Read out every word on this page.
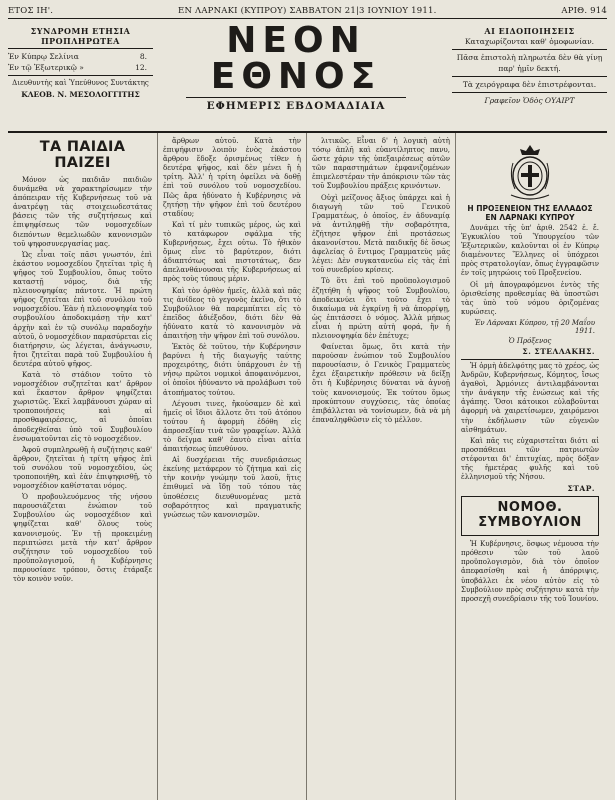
ΕΤΟΣ ΙΗ'.	ΕΝ ΛΑΡΝΑΚΙ (ΚΥΠΡΟΥ) ΣΑΒΒΑΤΟΝ 21|3 ΙΟΥΝΙΟΥ 1911.	ΑΡΙΘ. 914
ΣΥΝΔΡΟΜΗ ΕΤΗΣΙΑ ΠΡΟΠΛΗΡΩΤΕΑ
Ἐν Κύπρῳ Σελίνια	8.
Ἐν τῷ Ἐξωτερικῷ »	12.
Διευθυντὴς καὶ Ὑπεύθυνος Συντάκτης
ΚΛΕΟΒ. Ν. ΜΕΣΟΛΟΓΓΙΤΗΣ
ΝΕΟΝ ΕΘΝΟΣ
ΕΦΗΜΕΡΙΣ ΕΒΔΟΜΑΔΙΑΙΑ
ΑΙ ΕΙΔΟΠΟΙΗΣΕΙΣ
Καταχωρίζονται καθ' ὁμοφωνίαν.
Πᾶσα ἐπιστολὴ πληρωτέα δὲν θὰ γίνῃ παρ' ἡμῖν δεκτή.
Τὰ χειρόγραφα δὲν ἐπιστρέφονται.
Γραφεῖον Ὁδὸς ΟΥΑΙΡΤ
ΤΑ ΠΑΙΔΙΑ ΠΑΙΖΕΙ

Μόνον ὡς παιδιᾶν παιδιῶν δυνάμεθα νὰ χαρακτηρίσωμεν τὴν ἀπόπειραν τῆς Κυβερνήσεως τοῦ νὰ ἀνατρέψῃ τὰς στοιχειωδεστάτας βάσεις τῶν τῆς συζητήσεως καὶ ἐπιψηφίσεως τῶν νομοσχεδίων διεπόντων θεμελιωδῶν κανονισμῶν τοῦ ψηφοσυνεργασίας μας.

Ὡς εἶναι τοῖς πᾶσι γνωστόν, ἐπὶ ἑκάστου νομοσχεδίου ζητεῖται τρὶς ἡ ψῆφος τοῦ Συμβουλίου, ὅπως τοῦτο καταστῇ νόμος, διὰ τῆς πλειονοψηφίας πάντοτε. Ἡ πρώτη ψῆφος ζητεῖται ἐπὶ τοῦ συνόλου τοῦ νομοσχεδίου. Ἐὰν ἡ πλειονοψηφία τοῦ συμβουλίου ἀποδοκιμάσῃ τὴν κατ' ἀρχὴν καὶ ἐν τῷ συνόλῳ παραδοχὴν αὐτοῦ, ὁ νομοσχέδιον παρασύρεται εἰς διατήρησιν, ὡς λέγεται, ἀνάγνωσιν, ἤτοι ζητεῖται παρὰ τοῦ Συμβουλίου ἡ δευτέρα αὐτοῦ ψῆφος.

Κατὰ τὸ στάδιον τοῦτο τὸ νομοσχέδιον συζητεῖται κατ' ἄρθρον καὶ ἕκαστον ἄρθρον ψηφίζεται χωριστῶς. Ἐκεῖ λαμβάνουσι χώραν αἱ τροποποιήσεις καὶ αἱ προσθαφαιρέσεις, αἱ ὁποῖαι ἀποδεχθείσαι ὑπὸ τοῦ Συμβουλίου ἐνσωματοῦνται εἰς τὸ νομοσχέδιον.

Ἀφοῦ συμπληρωθῇ ἡ συζήτησις καθ' ἄρθρον, ζητεῖται ἡ τρίτη ψῆφος ἐπὶ τοῦ συνόλου τοῦ νομοσχεδίου, ὡς τροποποιήθη, καὶ ἐὰν ἐπιψηφισθῇ, τὸ νομοσχέδιον καθίσταται νόμος.

Ὁ προβουλευόμενος τῆς νήσου παρουσιάζεται ἐνώπιον τοῦ Συμβουλίου ὡς νομοσχέδιον καὶ ψηφίζεται καθ' ὅλους τοὺς κανονισμούς. Ἐν τῇ προκειμένῃ περιπτώσει μετὰ τὴν κατ' ἄρθρον συζήτησιν τοῦ νομοσχεδίου τοῦ προϋπολογισμοῦ, ἡ Κυβέρνησις παρουσίασε τρόπον, ὅστις ἐτάραξε τὸν κοινὸν νοῦν.

ἄρθρων αὐτοῦ. Κατὰ τὴν ἐπιψήφισιν λοιπὸν ἑνὸς ἑκάστου ἄρθρου ἔδοξε ὁρισμένως τίθεν ἡ δευτέρα ψῆφος, καὶ δὲν μένει ἢ ἡ τρίτη. Ἀλλ' ἡ τρίτη ὀφείλει νὰ δοθῇ ἐπὶ τοῦ συνόλου τοῦ νομοσχεδίου. Πῶς ἄρα ἠδύνατο ἡ Κυβέρνησις νὰ ζητήσῃ τὴν ψῆφον ἐπὶ τοῦ δευτέρου σταδίου;

Καὶ τί μὲν τυπικῶς μέρος, ὡς καὶ τὸ κατάφωρον σφάλμα τῆς Κυβερνήσεως, ἔχει οὐτω. Τὸ ἠθικὸν ὅμως εἶνε τὸ βαρύτερον, διότι ἀδιαπτότως καὶ πιστοτάτως, δεν ἀπελανθάνουσαι τῆς Κυβερνήσεως αἱ πρὸς τοὺς τύπους μέριν.

Καὶ τὸν ὁρθὸν ἡμεῖς, ἀλλὰ καὶ πᾶς τις ἀνίδεος τὸ γεγονὸς ἐκεῖνο, ὅτι τὸ Συμβούλιον θὰ παρεμπίπτει εἰς τὸ ἐπεῖδος ἀδιέξοδον, διότι δὲν θὰ ἠδύνατο κατὰ τὸ κανονισμὸν νὰ ἀπαιτήσῃ τὴν ψῆφον ἐπὶ τοῦ συνόλου.

Ἐκτὸς δὲ τοῦτου, τὴν Κυβέρνησιν βαρύνει ἡ τῆς διαγωγῆς ταύτης προχειρότης, διότι ὑπάρχουσι ἐν τῇ νήσῳ πρῶτοι νομικοὶ ἀποφαινόμενοι, οἱ ὁποῖοι ἠδύναντο νὰ προλάβωσι τοῦ ἀτοπήματος τούτου.

Λέγουσι τινες, ἤκούσαμεν δὲ καὶ ἡμεῖς οἱ ἴδιοι ἄλλοτε ὅτι τοῦ ἀτόπου τούτου ἡ ἀφορμὴ ἐδόθη εἰς ἀπροσεξίαν τινὰ τῶν γραφείων. Ἀλλὰ τὸ δεῖγμα καθ' ἑαυτὸ εἶναι αἰτία ἀπαιτήσεως ὑπευθύνου.

Αἱ δυσχέρειαι τῆς συνεδριάσεως ἐκείνης μετάφερον τὸ ζήτημα καὶ εἰς τὴν κοινὴν γνώμην τοῦ λαοῦ, ἥτις ἐπιθυμεῖ νὰ ἴδῃ τοῦ τόπου τὰς ὑποθέσεις διευθυνομένας μετὰ σοβαρότητος καὶ πραγματικῆς γνώσεως τῶν κανονισμῶν.

λιτικῶς. Εἶναι δ' ἡ λογικὴ αὐτὴ τόσῳ ἁπλῆ καὶ εὐαντίληπτος πανυ, ὥστε χάριν τῆς ὑπεξαιρέσεως αὐτῶν τῶν παραστημάτων ἐμφανιζομένων ἐπιμελεστέραν τὴν ἀπόκρισιν τῶν τὰς τοῦ Συμβουλίου πράξεις κρινόντων.

Οὐχὶ μεῖζονος ἄξιος ὑπάρχει καὶ ἡ διαγωγὴ τῶν τοῦ Γενικοῦ Γραμματέως, ὁ ὁποῖος, ἐν ἀδυναμίᾳ νὰ ἀντιληφθῇ τὴν σοβαρότητα, ἐζήτησε ψῆφον ἐπὶ προτάσεως ἀκανονίστου. Μετὰ παιδικῆς δὲ ὅσως ἀφελείας ὁ ἔντιμος Γραμματεὺς μᾶς λέγει: Δὲν συγκατανεύω εἰς τὰς ἐπὶ τοῦ συνεδρίου κρίσεις.

Τὸ ὅτι ἐπὶ τοῦ προϋπολογισμοῦ ἐζητήθη ἡ ψῆφος τοῦ Συμβουλίου, ἀποδεικνύει ὅτι τοῦτο ἔχει τὸ δικαίωμα νὰ ἐγκρίνῃ ἢ νὰ ἀπορρίψῃ, ὡς ἐπιτάσσει ὁ νόμος. Ἀλλὰ μήπως εἶναι ἡ πρώτη αὐτὴ φορά, ἣν ἡ πλειονοψηφία δὲν ἐπέτυχε;

Φαίνεται ὅμως, ὅτι κατὰ τὴν παρούσαν ἐνώπιον τοῦ Συμβουλίου παρουσίασιν, ὁ Γενικὸς Γραμματεὺς ἔχει ἐξαιρετικὴν πρόθεσιν νὰ δείξῃ ὅτι ἡ Κυβέρνησις δύναται νὰ ἀγνοῇ τοὺς κανονισμούς. Ἐκ τούτου ὅμως προκύπτουν συγχύσεις, τὰς ὁποίας ἐπιβάλλεται νὰ τονίσωμεν, διὰ νὰ μὴ ἐπαναληφθῶσιν εἰς τὸ μέλλον.

Η ΠΡΟΞΕΝΕΙΟΝ ΤΗΣ ΕΛΛΑΔΟΣ ΕΝ ΛΑΡΝΑΚΙ ΚΥΠΡΟΥ

Δυνάμει τῆς ὑπ' ἀριθ. 2542 ἐ. ἔ. Ἐγκυκλίου τοῦ Ὑπουργείου τῶν Ἐξωτερικῶν, καλοῦνται οἱ ἐν Κύπρῳ διαμένοντες Ἕλληνες οἱ ὑπόχρεοι πρὸς στρατολογίαν, ὅπως ἐγγραφῶσιν ἐν τοῖς μητρώοις τοῦ Προξενείου.

Οἱ μὴ ἀπογραφόμενοι ἐντὸς τῆς ὁρισθείσης προθεσμίας θὰ ὑποστῶσι τὰς ὑπὸ τοῦ νόμου ὁριζομένας κυρώσεις.

Ἐν Λάρνακι Κύπρου, τῇ 20 Μαΐου 1911.
Ὁ Πρόξενος
Σ. ΣΤΕΛΛΑΚΗΣ.

Ἡ ὁρμὴ ἀδελφότης μας τὸ χρέος, ὡς Ἀνδρῶν, Κυβερνήσεως, Κόμητος, ἴσως ἀγαθοὶ, Ἁρμόνιες ἀντιλαμβάνονται τὴν ἀνάγκην τῆς ἑνώσεως καὶ τῆς ἀγάπης. Ὅσοι κάτοικοι εὐλαβοῦνται ἀφορμὴ νὰ χαιρετίσωμεν, χαιρόμενοι τὴν ἐκδήλωσιν τῶν εὐγενῶν αἰσθημάτων.

Καὶ πᾶς τις εὐχαριστεῖται διότι αἱ προσπάθειαι τῶν πατριωτῶν στέφονται δι' ἐπιτυχίας, πρὸς δόξαν τῆς ἡμετέρας φυλῆς καὶ τοῦ ἑλληνισμοῦ τῆς Νήσου.

ΣΤΑΡ.
ΝΟΜΟΘ. ΣΥΜΒΟΥΛΙΟΝ

Ἡ Κυβέρνησις, ὅσφως νέμουσα τὴν πρόθεσιν τῶν τοῦ λαοῦ προϋπολογισμὸν, διὰ τὸν ὁποῖον ἀπεφασίσθη καὶ ἡ ἀπόρριψις, ὑποβάλλει ἐκ νέου αὐτὸν εἰς τὸ Συμβούλιον πρὸς συζήτησιν κατὰ τὴν προσεχῆ συνεδρίασιν τῆς τοῦ Ἰουνίου.
